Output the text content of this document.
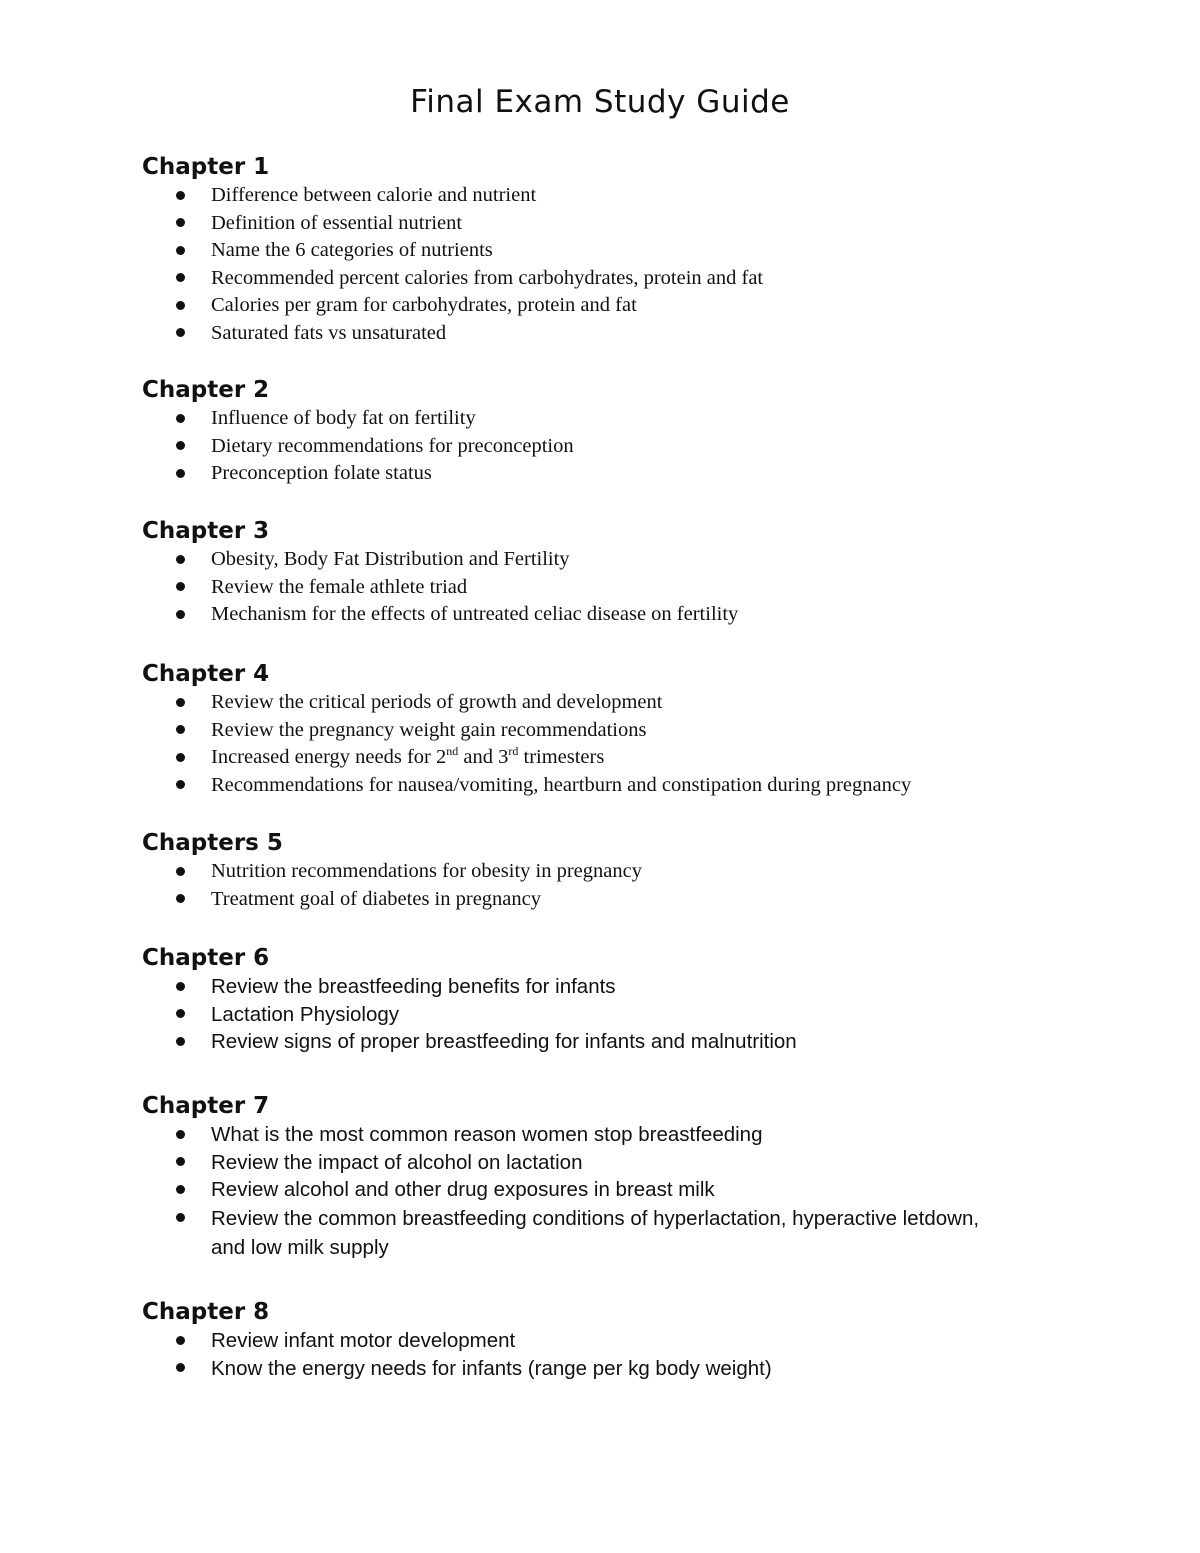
Final Exam Study Guide
Chapter 1
Difference between calorie and nutrient
Definition of essential nutrient
Name the 6 categories of nutrients
Recommended percent calories from carbohydrates, protein and fat
Calories per gram for carbohydrates, protein and fat
Saturated fats vs unsaturated
Chapter 2
Influence of body fat on fertility
Dietary recommendations for preconception
Preconception folate status
Chapter 3
Obesity, Body Fat Distribution and Fertility
Review the female athlete triad
Mechanism for the effects of untreated celiac disease on fertility
Chapter 4
Review the critical periods of growth and development
Review the pregnancy weight gain recommendations
Increased energy needs for 2nd and 3rd trimesters
Recommendations for nausea/vomiting, heartburn and constipation during pregnancy
Chapters 5
Nutrition recommendations for obesity in pregnancy
Treatment goal of diabetes in pregnancy
Chapter 6
Review the breastfeeding benefits for infants
Lactation Physiology
Review signs of proper breastfeeding for infants and malnutrition
Chapter 7
What is the most common reason women stop breastfeeding
Review the impact of alcohol on lactation
Review alcohol and other drug exposures in breast milk
Review the common breastfeeding conditions of hyperlactation, hyperactive letdown,
and low milk supply
Chapter 8
Review infant motor development
Know the energy needs for infants (range per kg body weight)
